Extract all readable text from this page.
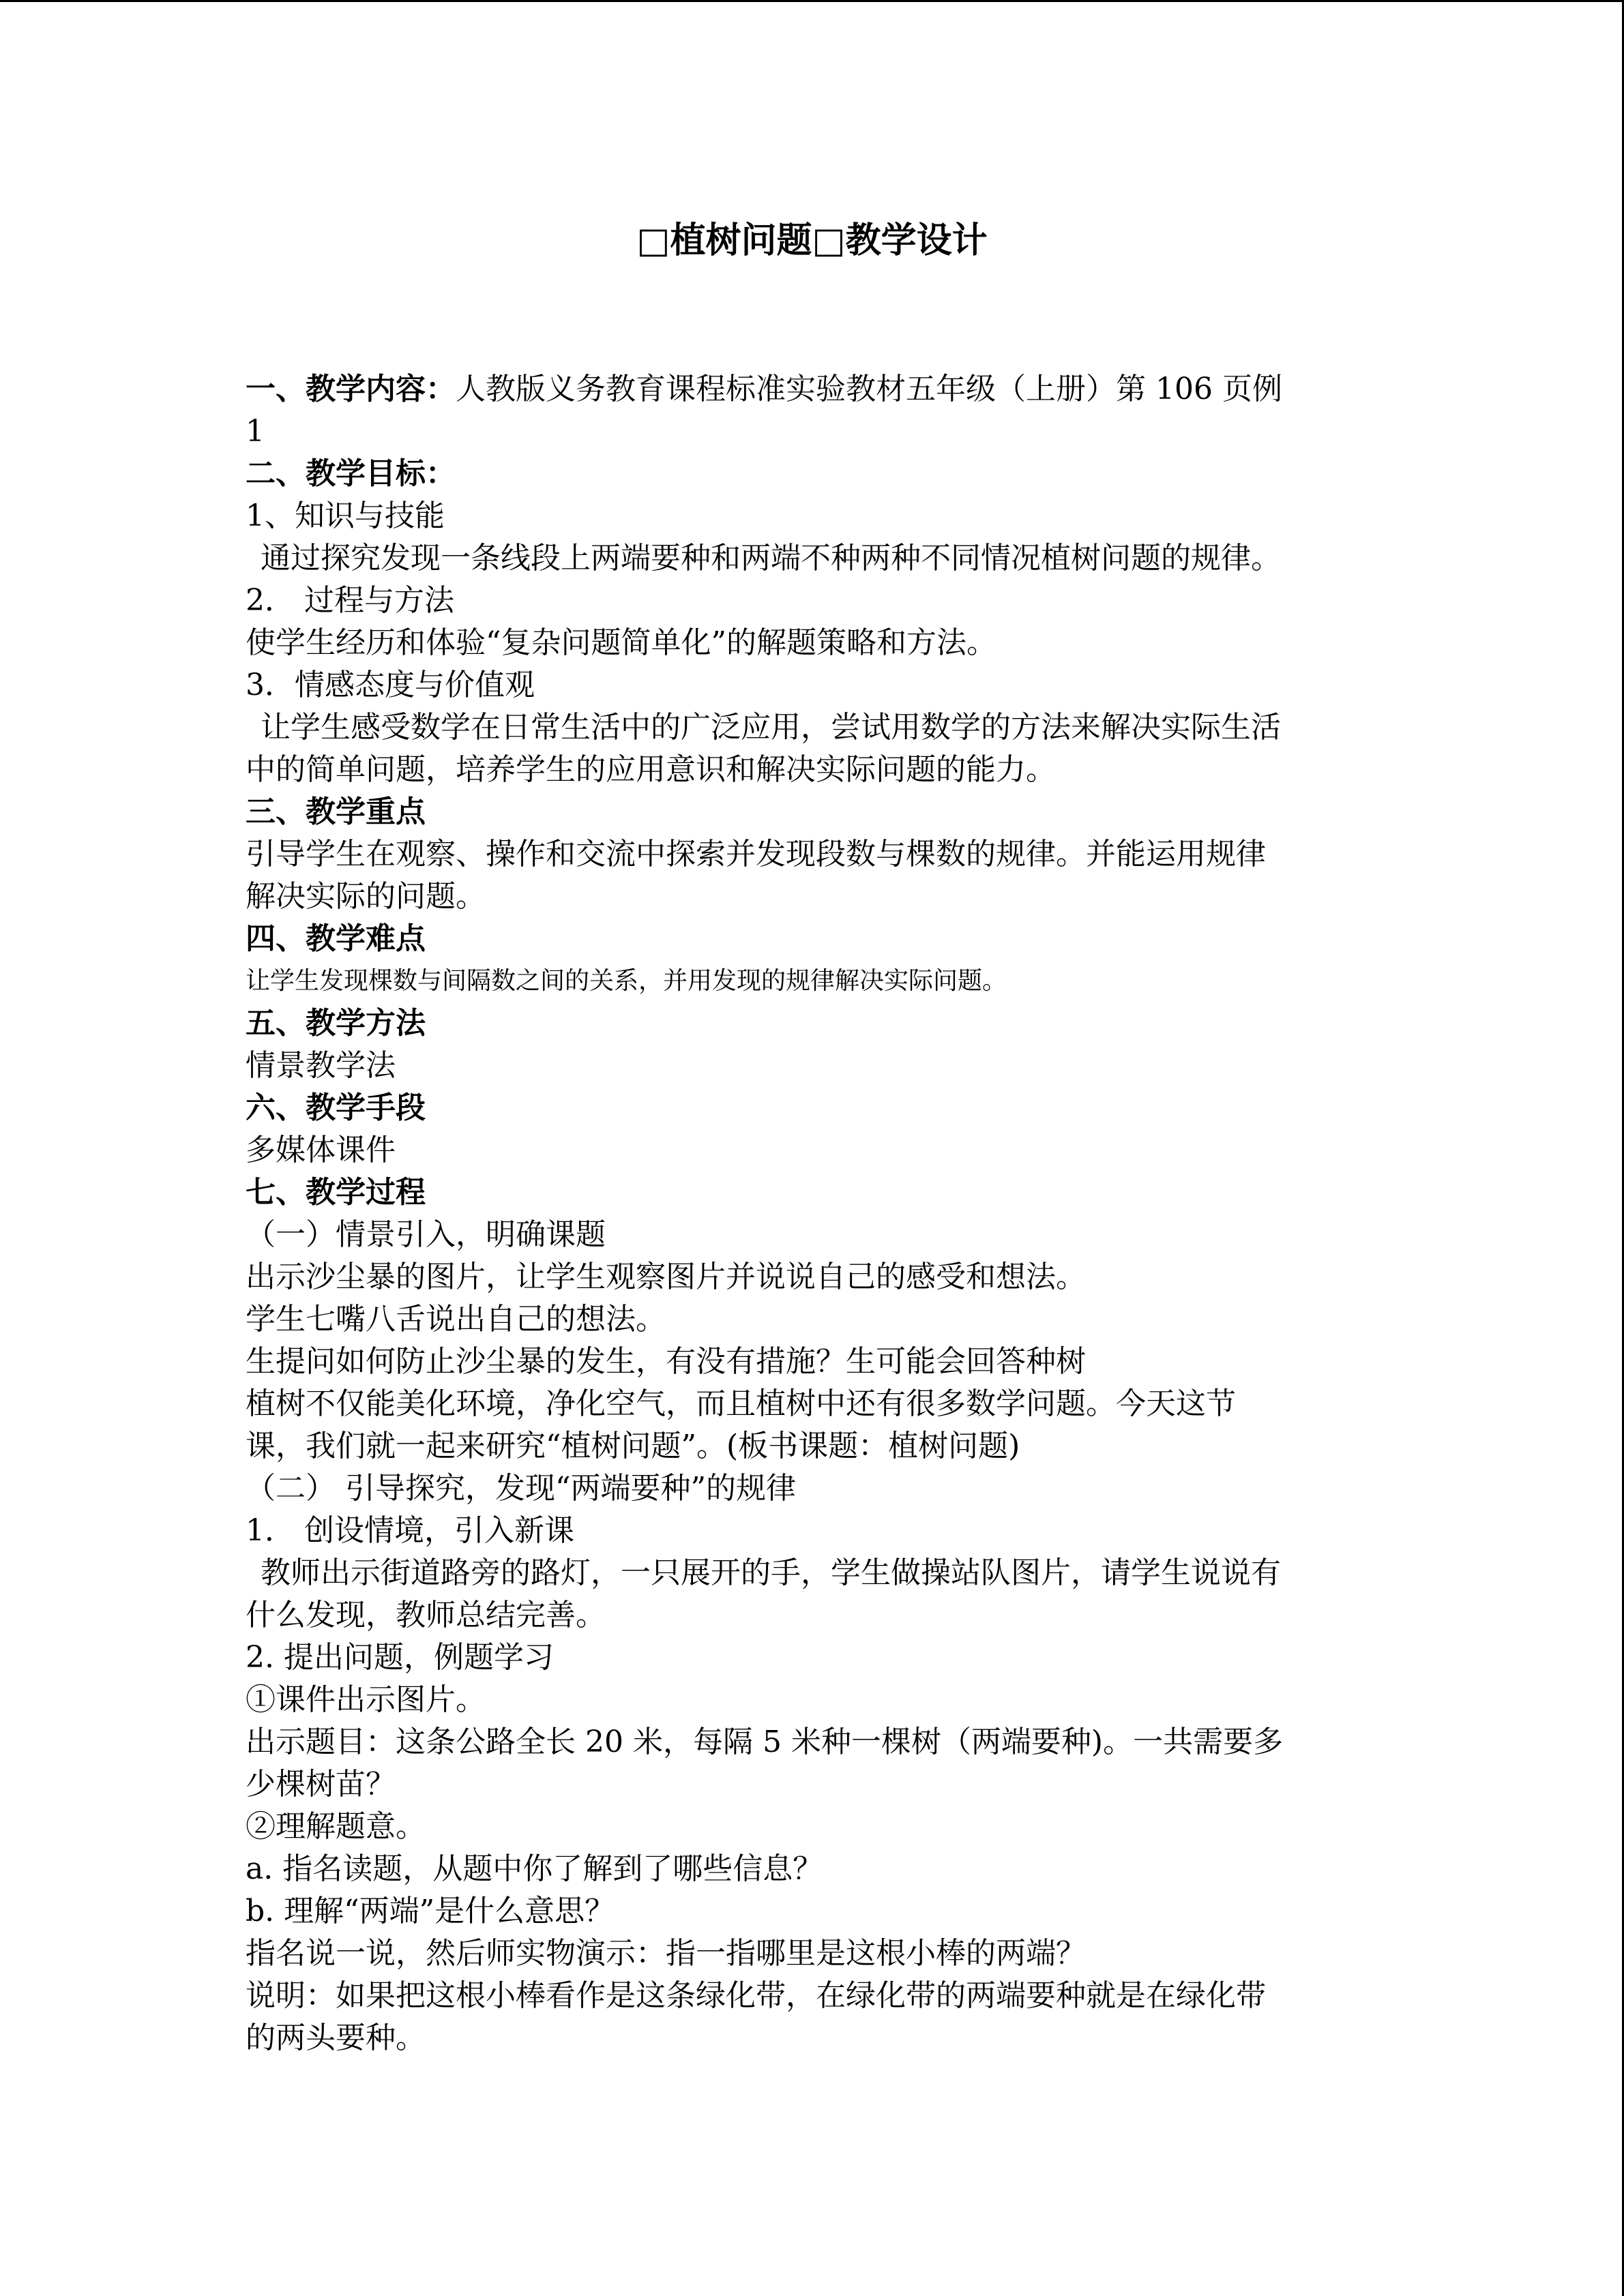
□植树问题□教学设计
一、教学内容：人教版义务教育课程标准实验教材五年级（上册）第 106 页例
1
二、教学目标：
1、知识与技能
通过探究发现一条线段上两端要种和两端不种两种不同情况植树问题的规律。
2． 过程与方法
使学生经历和体验“复杂问题简单化”的解题策略和方法。
3．情感态度与价值观
让学生感受数学在日常生活中的广泛应用，尝试用数学的方法来解决实际生活
中的简单问题，培养学生的应用意识和解决实际问题的能力。
三、教学重点
引导学生在观察、操作和交流中探索并发现段数与棵数的规律。并能运用规律
解决实际的问题。
四、教学难点
让学生发现棵数与间隔数之间的关系，并用发现的规律解决实际问题。
五、教学方法
情景教学法
六、教学手段
多媒体课件
七、教学过程
（一）情景引入，明确课题
出示沙尘暴的图片，让学生观察图片并说说自己的感受和想法。
学生七嘴八舌说出自己的想法。
生提问如何防止沙尘暴的发生，有没有措施？生可能会回答种树
植树不仅能美化环境，净化空气，而且植树中还有很多数学问题。今天这节
课，我们就一起来研究“植树问题”。(板书课题：植树问题)
（二） 引导探究，发现“两端要种”的规律
1． 创设情境，引入新课
教师出示街道路旁的路灯，一只展开的手，学生做操站队图片，请学生说说有
什么发现，教师总结完善。
2. 提出问题，例题学习
①课件出示图片。
出示题目：这条公路全长 20 米，每隔 5 米种一棵树（两端要种)。一共需要多
少棵树苗？
②理解题意。
a. 指名读题，从题中你了解到了哪些信息？
b. 理解“两端”是什么意思？
指名说一说，然后师实物演示：指一指哪里是这根小棒的两端？
说明：如果把这根小棒看作是这条绿化带，在绿化带的两端要种就是在绿化带
的两头要种。
